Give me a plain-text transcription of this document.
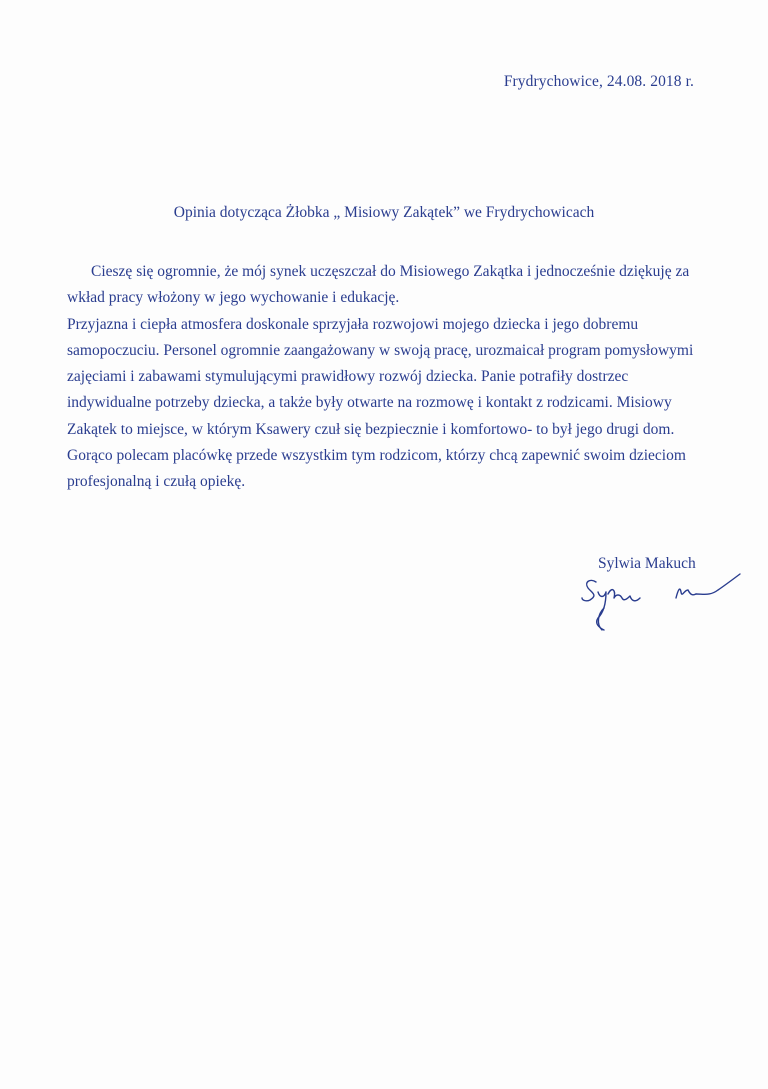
Frydrychowice, 24.08. 2018 r.
Opinia dotycząca Żłobka „ Misiowy Zakątek” we Frydrychowicach

Cieszę się ogromnie, że mój synek uczęszczał do Misiowego Zakątka i jednocześnie dziękuję za wkład pracy włożony w jego wychowanie i edukację.

Przyjazna i ciepła atmosfera doskonale sprzyjała rozwojowi mojego dziecka i jego dobremu samopoczuciu. Personel ogromnie zaangażowany w swoją pracę, urozmaicał program pomysłowymi zajęciami i zabawami stymulującymi prawidłowy rozwój dziecka. Panie potrafiły dostrzec indywidualne potrzeby dziecka, a także były otwarte na rozmowę i kontakt z rodzicami. Misiowy Zakątek to miejsce, w którym Ksawery czuł się bezpiecznie i komfortowo- to był jego drugi dom.

Gorąco polecam placówkę przede wszystkim tym rodzicom, którzy chcą zapewnić swoim dzieciom profesjonalną i czułą opiekę.

Sylwia Makuch
